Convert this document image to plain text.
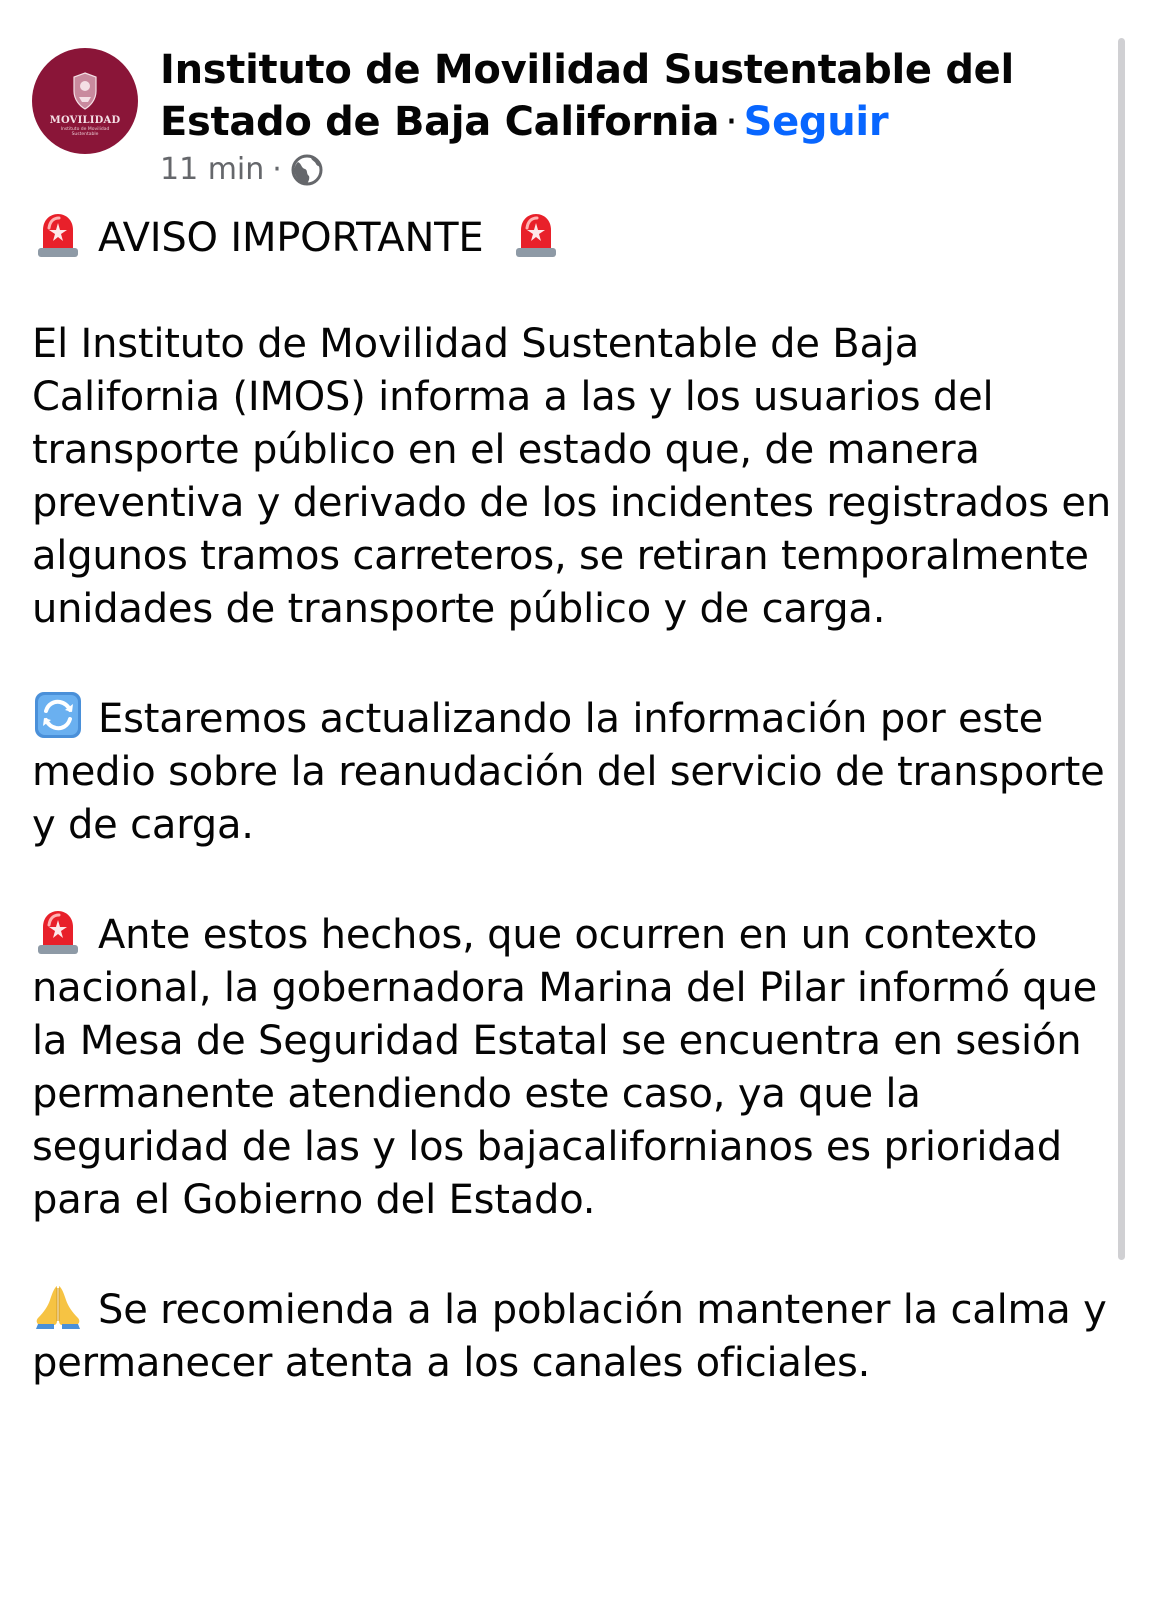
MOVILIDAD
Instituto de Movilidad Sustentable
Instituto de Movilidad Sustentable del Estado de Baja California · Seguir
11 min ·

AVISO IMPORTANTE

El Instituto de Movilidad Sustentable de Baja California (IMOS) informa a las y los usuarios del transporte público en el estado que, de manera preventiva y derivado de los incidentes registrados en algunos tramos carreteros, se retiran temporalmente unidades de transporte público y de carga.

Estaremos actualizando la información por este medio sobre la reanudación del servicio de transporte y de carga.

Ante estos hechos, que ocurren en un contexto nacional, la gobernadora Marina del Pilar informó que la Mesa de Seguridad Estatal se encuentra en sesión permanente atendiendo este caso, ya que la seguridad de las y los bajacalifornianos es prioridad para el Gobierno del Estado.

Se recomienda a la población mantener la calma y permanecer atenta a los canales oficiales.
